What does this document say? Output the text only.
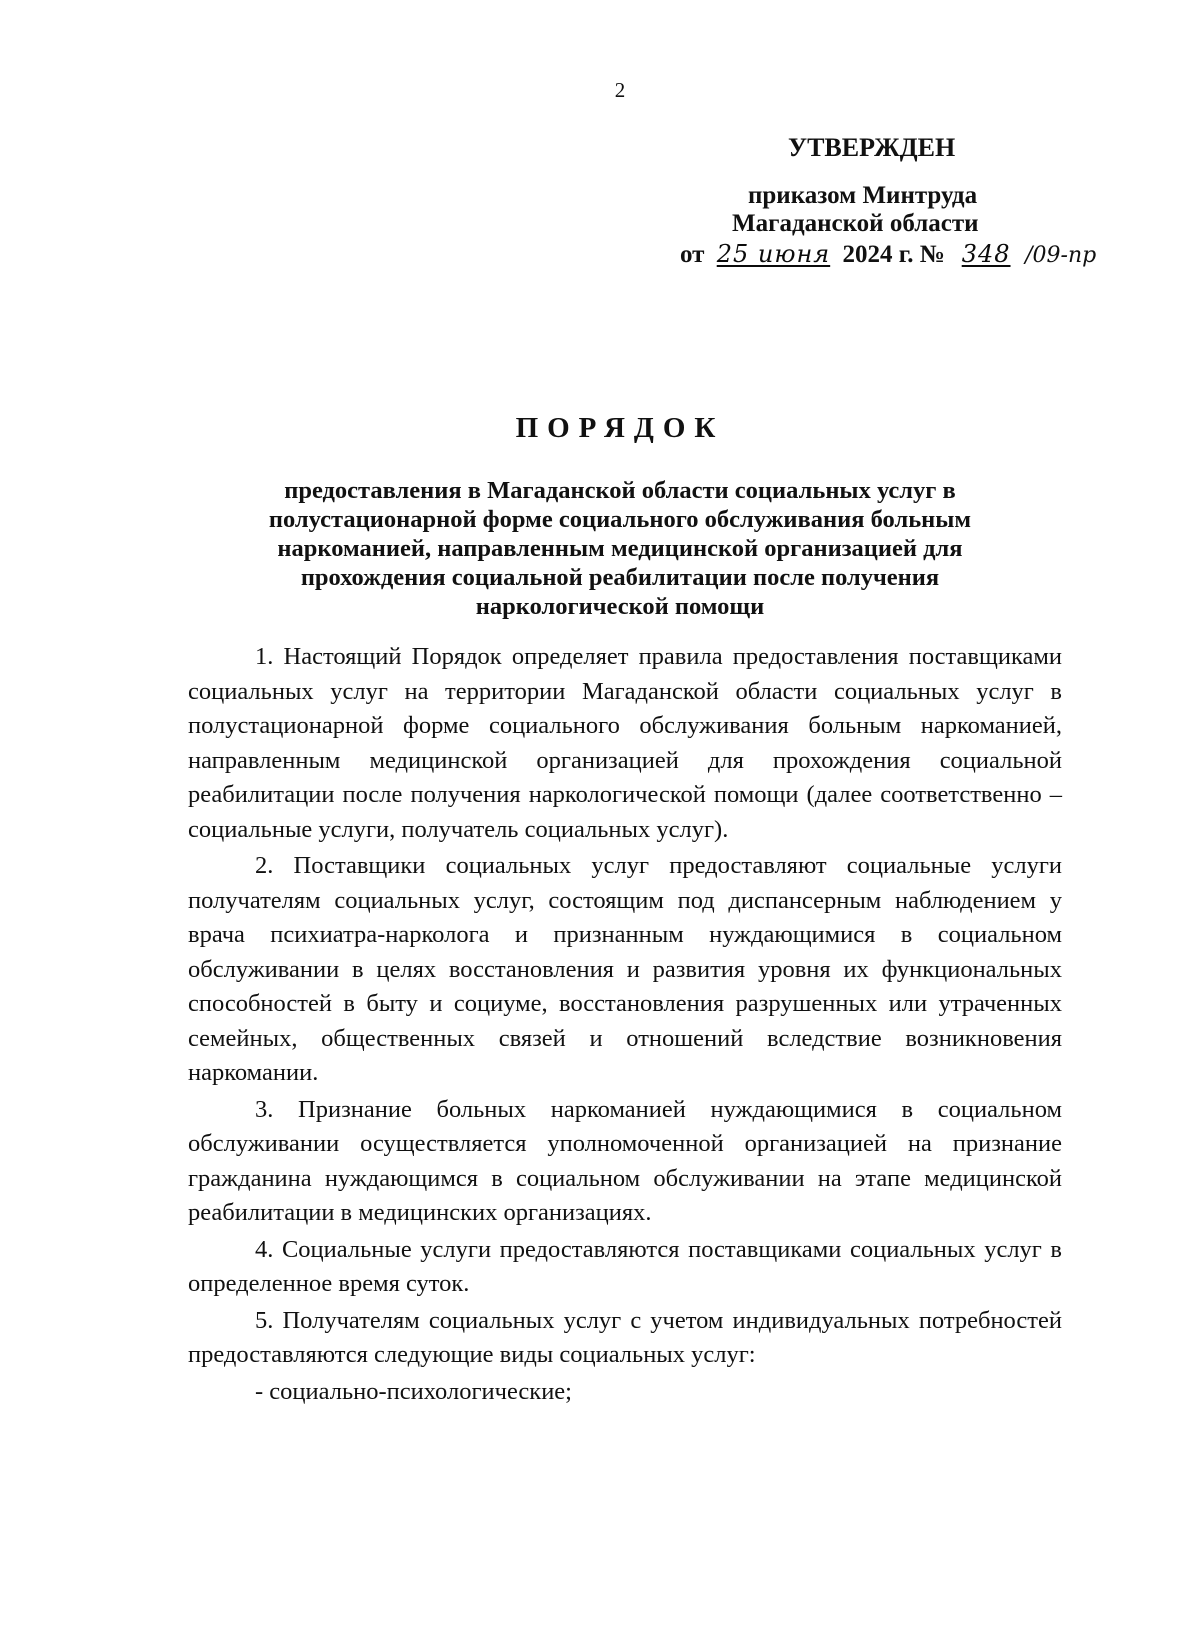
2
УТВЕРЖДЕН
приказом Минтруда
Магаданской области
от 25 июня 2024 г. № 348 /09-пр
ПОРЯДОК
предоставления в Магаданской области социальных услуг в полустационарной форме социального обслуживания больным наркоманией, направленным медицинской организацией для прохождения социальной реабилитации после получения наркологической помощи

1. Настоящий Порядок определяет правила предоставления поставщиками социальных услуг на территории Магаданской области социальных услуг в полустационарной форме социального обслуживания больным наркоманией, направленным медицинской организацией для прохождения социальной реабилитации после получения наркологической помощи (далее соответственно – социальные услуги, получатель социальных услуг).

2. Поставщики социальных услуг предоставляют социальные услуги получателям социальных услуг, состоящим под диспансерным наблюдением у врача психиатра-нарколога и признанным нуждающимися в социальном обслуживании в целях восстановления и развития уровня их функциональных способностей в быту и социуме, восстановления разрушенных или утраченных семейных, общественных связей и отношений вследствие возникновения наркомании.

3. Признание больных наркоманией нуждающимися в социальном обслуживании осуществляется уполномоченной организацией на признание гражданина нуждающимся в социальном обслуживании на этапе медицинской реабилитации в медицинских организациях.

4. Социальные услуги предоставляются поставщиками социальных услуг в определенное время суток.

5. Получателям социальных услуг с учетом индивидуальных потребностей предоставляются следующие виды социальных услуг:

- социально-психологические;
